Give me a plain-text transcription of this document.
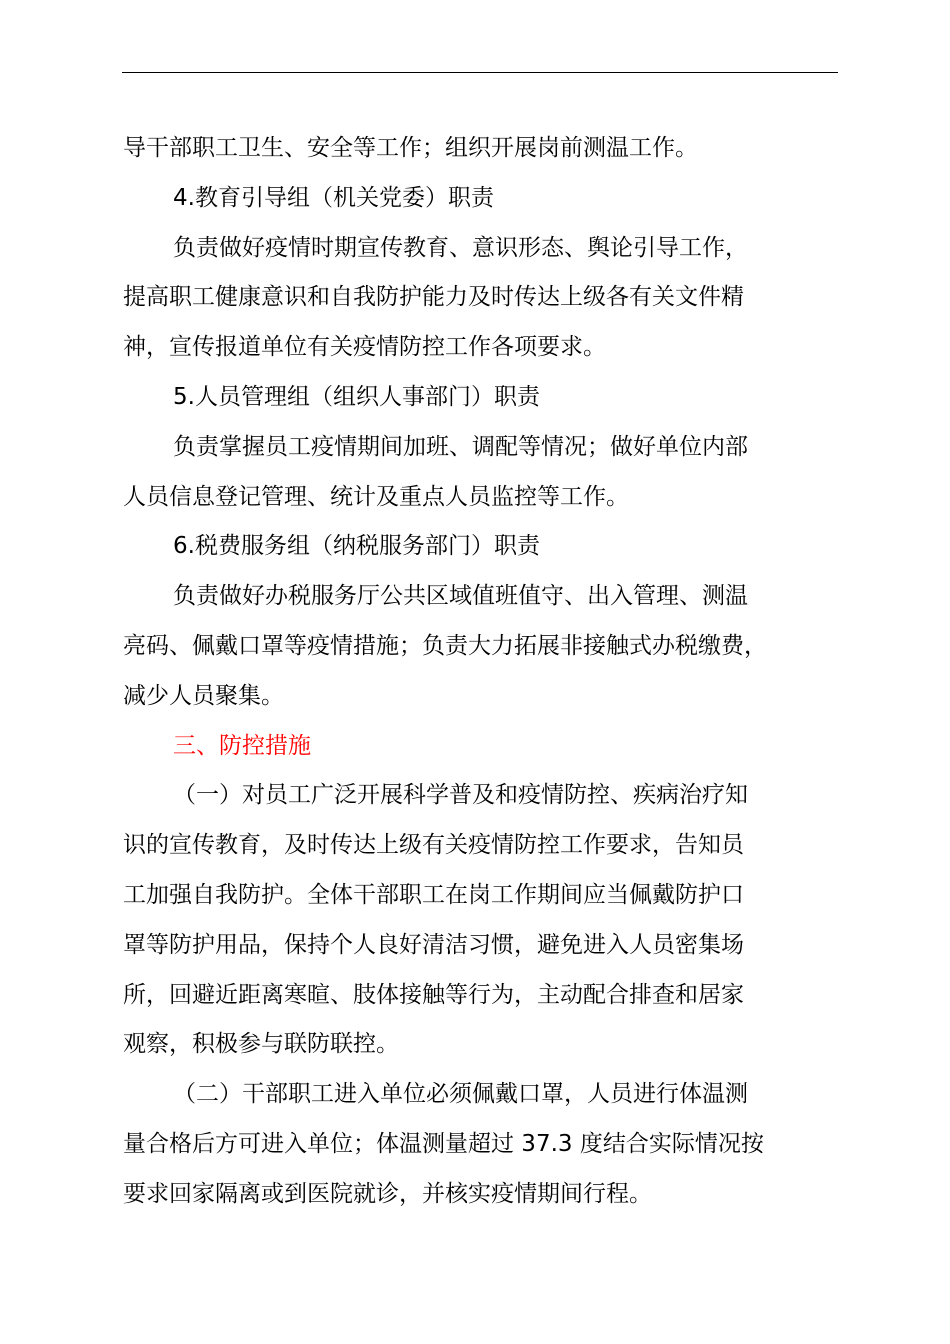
导干部职工卫生、安全等工作；组织开展岗前测温工作。
4.教育引导组（机关党委）职责
负责做好疫情时期宣传教育、意识形态、舆论引导工作，
提高职工健康意识和自我防护能力及时传达上级各有关文件精
神，宣传报道单位有关疫情防控工作各项要求。
5.人员管理组（组织人事部门）职责
负责掌握员工疫情期间加班、调配等情况；做好单位内部
人员信息登记管理、统计及重点人员监控等工作。
6.税费服务组（纳税服务部门）职责
负责做好办税服务厅公共区域值班值守、出入管理、测温
亮码、佩戴口罩等疫情措施；负责大力拓展非接触式办税缴费，
减少人员聚集。
三、防控措施
（一）对员工广泛开展科学普及和疫情防控、疾病治疗知
识的宣传教育，及时传达上级有关疫情防控工作要求，告知员
工加强自我防护。全体干部职工在岗工作期间应当佩戴防护口
罩等防护用品，保持个人良好清洁习惯，避免进入人员密集场
所，回避近距离寒暄、肢体接触等行为，主动配合排查和居家
观察，积极参与联防联控。
（二）干部职工进入单位必须佩戴口罩，人员进行体温测
量合格后方可进入单位；体温测量超过 37.3 度结合实际情况按
要求回家隔离或到医院就诊，并核实疫情期间行程。
